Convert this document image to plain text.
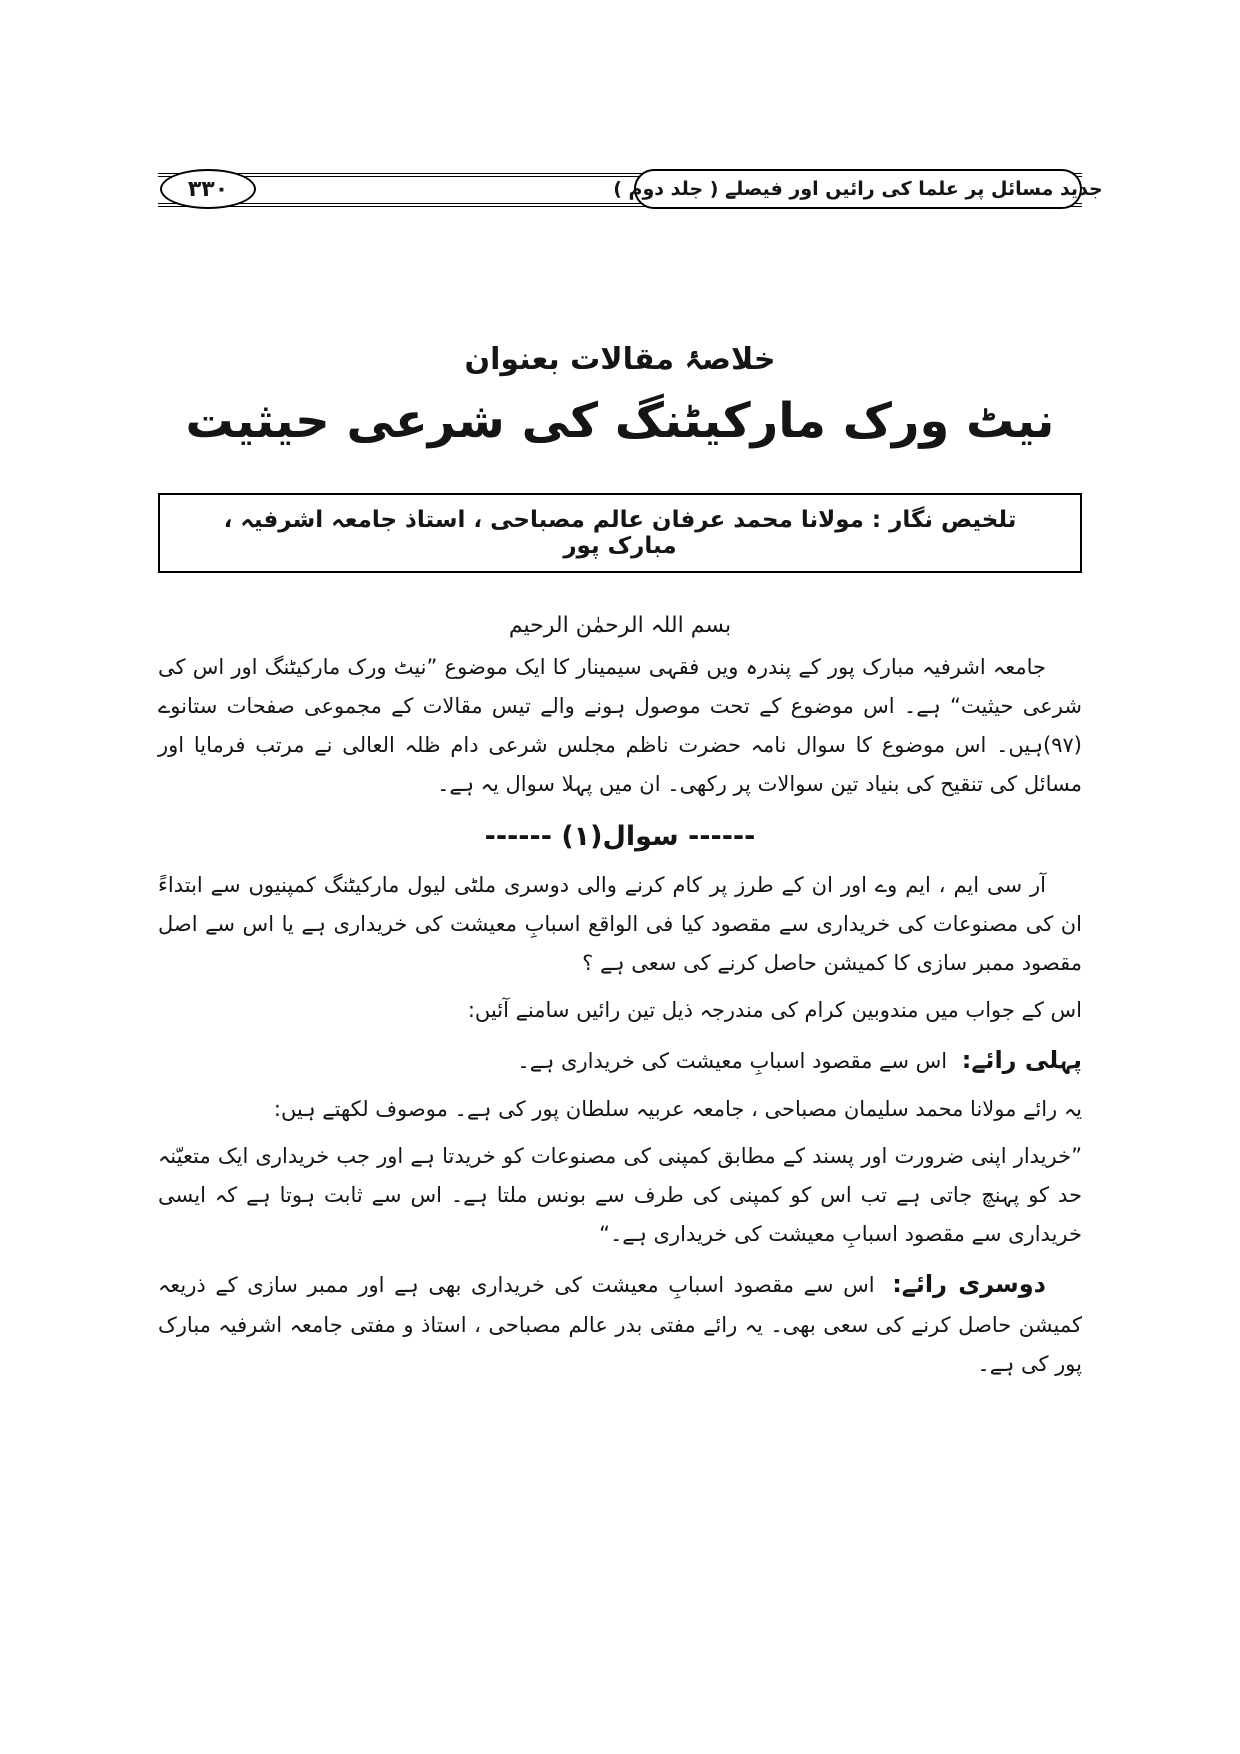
۳۳۰	جدید مسائل پر علما کی رائیں اور فیصلے ( جلد دوم )
خلاصۂ مقالات بعنوان
نیٹ ورک مارکیٹنگ کی شرعی حیثیت
تلخیص نگار : مولانا محمد عرفان عالم مصباحی ، استاذ جامعہ اشرفیہ ، مبارک پور

بسم اللہ الرحمٰن الرحیم

جامعہ اشرفیہ مبارک پور کے پندرہ ویں فقہی سیمینار کا ایک موضوع ”نیٹ ورک مارکیٹنگ اور اس کی شرعی حیثیت“ ہے۔ اس موضوع کے تحت موصول ہونے والے تیس مقالات کے مجموعی صفحات ستانوے (۹۷)ہیں۔ اس موضوع کا سوال نامہ حضرت ناظم مجلس شرعی دام ظلہ العالی نے مرتب فرمایا اور مسائل کی تنقیح کی بنیاد تین سوالات پر رکھی۔ ان میں پہلا سوال یہ ہے۔

------ سوال(۱) ------

آر سی ایم ، ایم وے اور ان کے طرز پر کام کرنے والی دوسری ملٹی لیول مارکیٹنگ کمپنیوں سے ابتداءً ان کی مصنوعات کی خریداری سے مقصود کیا فی الواقع اسبابِ معیشت کی خریداری ہے یا اس سے اصل مقصود ممبر سازی کا کمیشن حاصل کرنے کی سعی ہے ؟

اس کے جواب میں مندوبین کرام کی مندرجہ ذیل تین رائیں سامنے آئیں:

پہلی رائے: اس سے مقصود اسبابِ معیشت کی خریداری ہے۔

یہ رائے مولانا محمد سلیمان مصباحی ، جامعہ عربیہ سلطان پور کی ہے۔ موصوف لکھتے ہیں:

”خریدار اپنی ضرورت اور پسند کے مطابق کمپنی کی مصنوعات کو خریدتا ہے اور جب خریداری ایک متعیّنہ حد کو پہنچ جاتی ہے تب اس کو کمپنی کی طرف سے بونس ملتا ہے۔ اس سے ثابت ہوتا ہے کہ ایسی خریداری سے مقصود اسبابِ معیشت کی خریداری ہے۔“

دوسری رائے: اس سے مقصود اسبابِ معیشت کی خریداری بھی ہے اور ممبر سازی کے ذریعہ کمیشن حاصل کرنے کی سعی بھی۔ یہ رائے مفتی بدر عالم مصباحی ، استاذ و مفتی جامعہ اشرفیہ مبارک پور کی ہے۔
